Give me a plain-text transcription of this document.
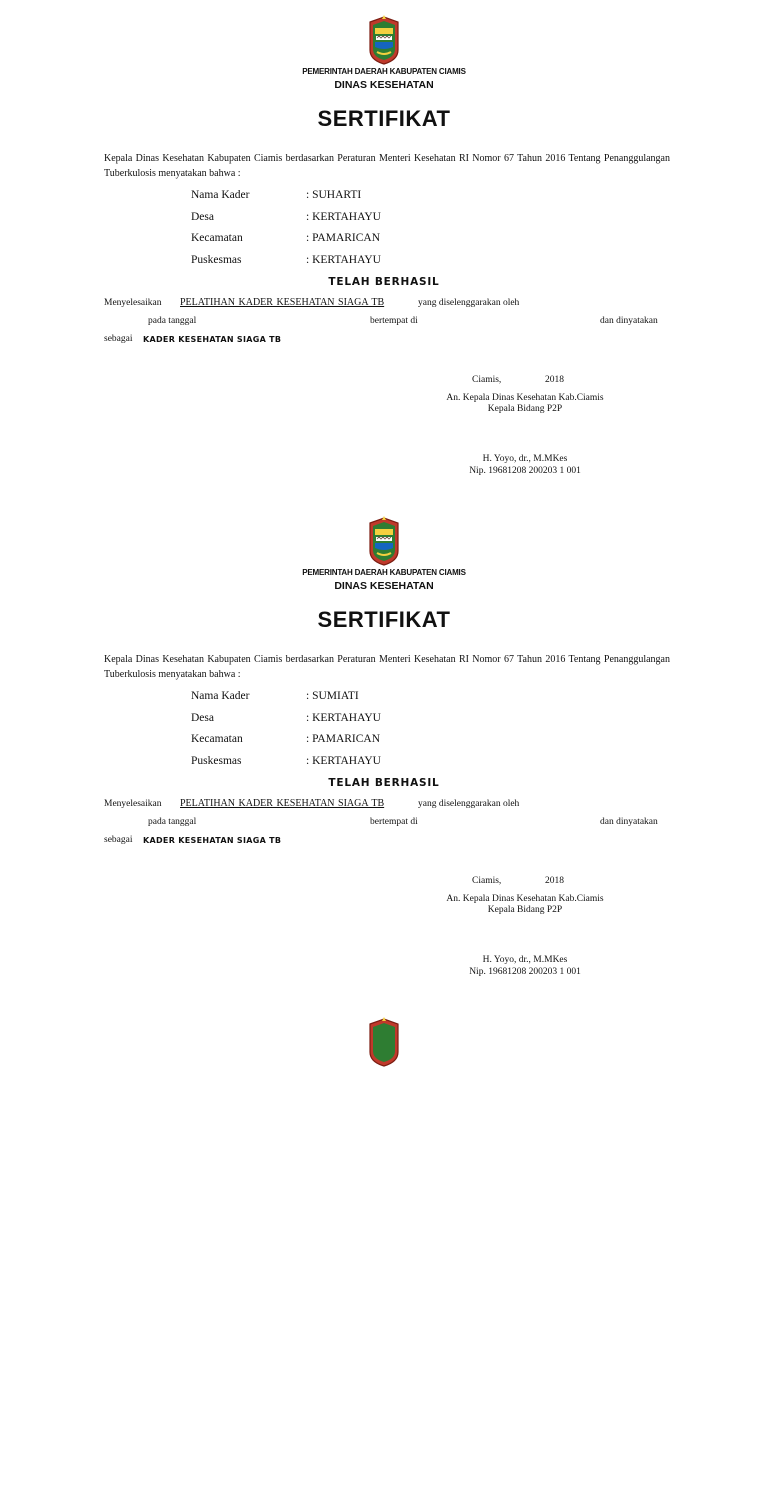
PEMERINTAH DAERAH KABUPATEN CIAMIS
DINAS KESEHATAN
SERTIFIKAT
Kepala Dinas Kesehatan Kabupaten Ciamis berdasarkan Peraturan Menteri Kesehatan RI Nomor 67 Tahun 2016 Tentang Penanggulangan Tuberkulosis menyatakan bahwa :
Nama Kader	: SUHARTI
Desa	: KERTAHAYU
Kecamatan	: PAMARICAN
Puskesmas	: KERTAHAYU
TELAH BERHASIL
Menyelesaikan PELATIHAN KADER KESEHATAN SIAGA TB	yang diselenggarakan oleh
pada tanggal	bertempat di	dan dinyatakan
sebagai KADER KESEHATAN SIAGA TB
Ciamis,	2018
An. Kepala Dinas Kesehatan Kab.Ciamis
Kepala Bidang P2P
H. Yoyo, dr., M.MKes
Nip. 19681208 200203 1 001
PEMERINTAH DAERAH KABUPATEN CIAMIS
DINAS KESEHATAN
SERTIFIKAT
Kepala Dinas Kesehatan Kabupaten Ciamis berdasarkan Peraturan Menteri Kesehatan RI Nomor 67 Tahun 2016 Tentang Penanggulangan Tuberkulosis menyatakan bahwa :
Nama Kader	: SUMIATI
Desa	: KERTAHAYU
Kecamatan	: PAMARICAN
Puskesmas	: KERTAHAYU
TELAH BERHASIL
Menyelesaikan PELATIHAN KADER KESEHATAN SIAGA TB	yang diselenggarakan oleh
pada tanggal	bertempat di	dan dinyatakan
sebagai KADER KESEHATAN SIAGA TB
Ciamis,	2018
An. Kepala Dinas Kesehatan Kab.Ciamis
Kepala Bidang P2P
H. Yoyo, dr., M.MKes
Nip. 19681208 200203 1 001
